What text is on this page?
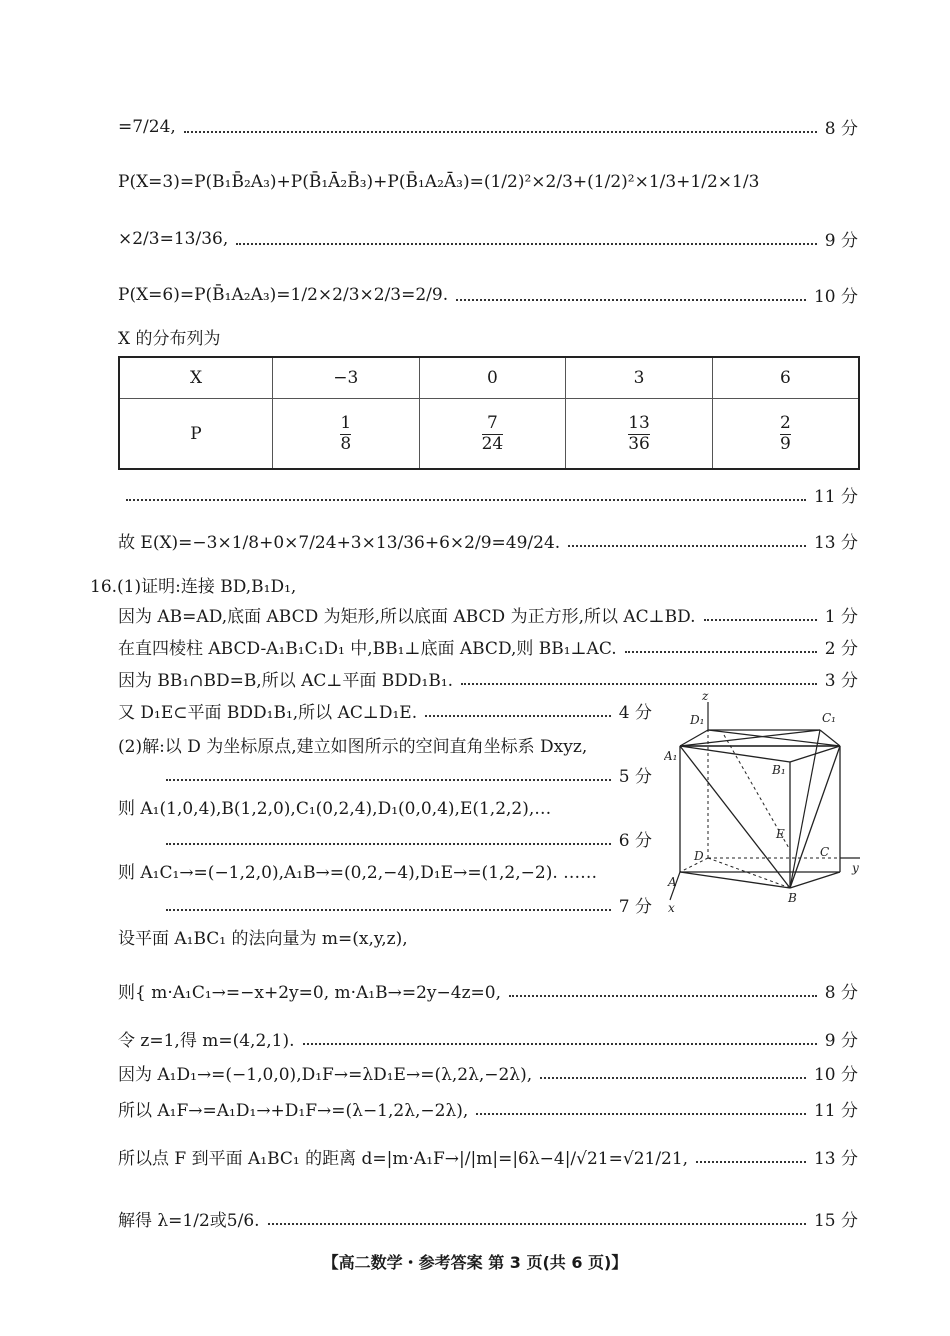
=7/24,	8 分
P(X=3)=P(B₁B̄₂A₃)+P(B̄₁Ā₂B̄₃)+P(B̄₁A₂Ā₃)=(1/2)²×2/3+(1/2)²×1/3+1/2×1/3
×2/3=13/36,	9 分
P(X=6)=P(B̄₁A₂A₃)=1/2×2/3×2/3=2/9.	10 分
X 的分布列为
X	−3	0	3	6
P	$\frac{1}{8}$	$\frac{7}{24}$	$\frac{13}{36}$	$\frac{2}{9}$
11 分
故 E(X)=−3×1/8+0×7/24+3×13/36+6×2/9=49/24.	13 分
16.(1)证明:连接 BD,B₁D₁,
因为 AB=AD,底面 ABCD 为矩形,所以底面 ABCD 为正方形,所以 AC⊥BD.	1 分
在直四棱柱 ABCD-A₁B₁C₁D₁ 中,BB₁⊥底面 ABCD,则 BB₁⊥AC.	2 分
因为 BB₁∩BD=B,所以 AC⊥平面 BDD₁B₁.	3 分
又 D₁E⊂平面 BDD₁B₁,所以 AC⊥D₁E.	4 分
(2)解:以 D 为坐标原点,建立如图所示的空间直角坐标系 Dxyz,
5 分
则 A₁(1,0,4),B(1,2,0),C₁(0,2,4),D₁(0,0,4),E(1,2,2),…
6 分
则 A₁C₁→=(−1,2,0),A₁B→=(0,2,−4),D₁E→=(1,2,−2). ……
7 分
z
D₁	C₁
A₁
B₁
E
D	C
y
A
B
x
设平面 A₁BC₁ 的法向量为 m=(x,y,z),
则{ m·A₁C₁→=−x+2y=0, m·A₁B→=2y−4z=0,	8 分
令 z=1,得 m=(4,2,1).	9 分
因为 A₁D₁→=(−1,0,0),D₁F→=λD₁E→=(λ,2λ,−2λ),	10 分
所以 A₁F→=A₁D₁→+D₁F→=(λ−1,2λ,−2λ),	11 分
所以点 F 到平面 A₁BC₁ 的距离 d=|m·A₁F→|/|m|=|6λ−4|/√21=√21/21,	13 分
解得 λ=1/2或5/6.	15 分
【高二数学・参考答案 第 3 页(共 6 页)】
